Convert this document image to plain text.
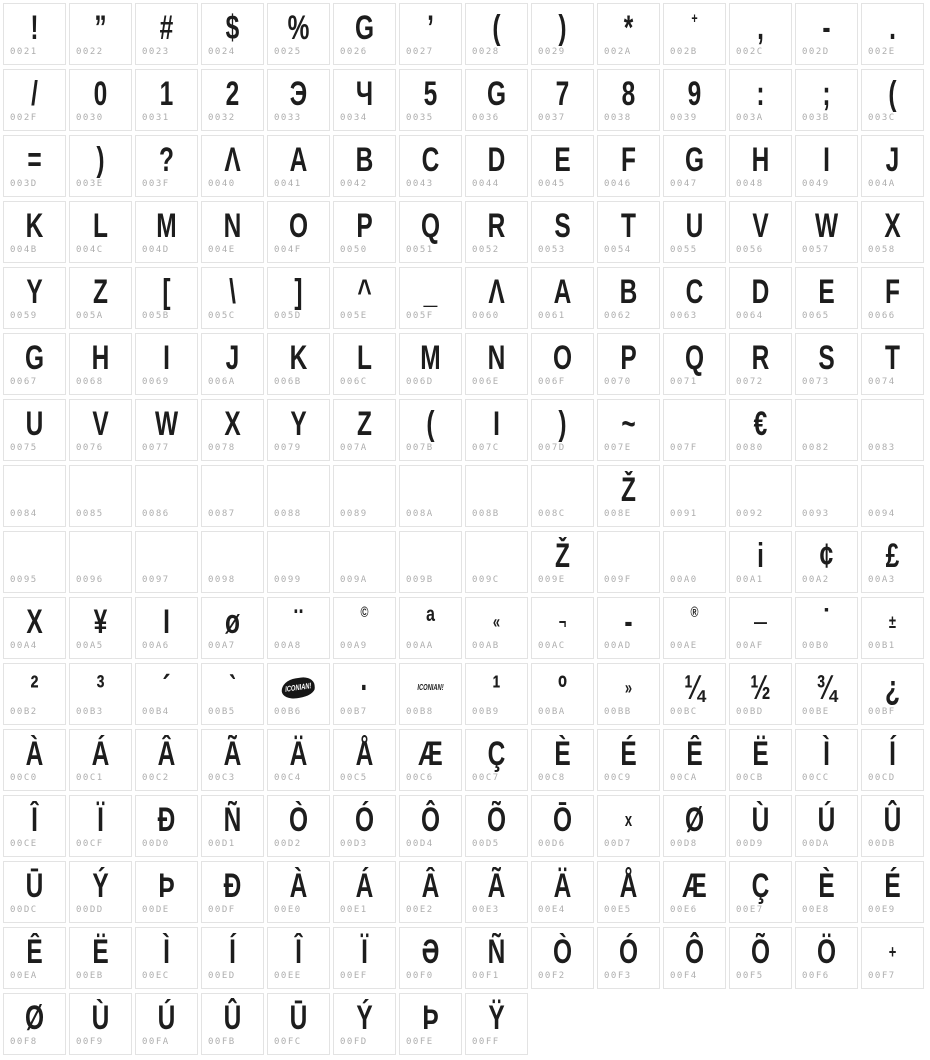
!
0021
”
0022
#
0023
$
0024
%
0025
G
0026
’
0027
(
0028
)
0029
*
002A
+
002B
,
002C
-
002D
.
002E
/
002F
0
0030
1
0031
2
0032
Э
0033
Ч
0034
5
0035
G
0036
7
0037
8
0038
9
0039
:
003A
;
003B
(
003C
=
003D
)
003E
?
003F
Λ
0040
A
0041
B
0042
C
0043
D
0044
E
0045
F
0046
G
0047
H
0048
I
0049
J
004A
K
004B
L
004C
M
004D
N
004E
O
004F
P
0050
Q
0051
R
0052
S
0053
T
0054
U
0055
V
0056
W
0057
X
0058
Y
0059
Z
005A
[
005B
\
005C
]
005D
^
005E
_
005F
Λ
0060
A
0061
B
0062
C
0063
D
0064
E
0065
F
0066
G
0067
H
0068
I
0069
J
006A
K
006B
L
006C
M
006D
N
006E
O
006F
P
0070
Q
0071
R
0072
S
0073
T
0074
U
0075
V
0076
W
0077
X
0078
Y
0079
Z
007A
(
007B
I
007C
)
007D
~
007E	007F
€
0080	0082	0083
0084	0085	0086	0087	0088	0089	008A	008B	008C
Ž
008E	0091	0092	0093	0094
0095	0096	0097	0098	0099	009A	009B	009C
Ž
009E	009F	00A0
i
00A1
¢
00A2
£
00A3
X
00A4
¥
00A5
I
00A6
ø
00A7
¨
00A8
©
00A9
ª
00AA
«
00AB
¬
00AC
-
00AD
®
00AE
—
00AF
˙
00B0
±
00B1
²
00B2
³
00B3
´
00B4
ˋ
00B5
ICONIAN!
00B6
·
00B7
ICONIAN!
00B8
¹
00B9
º
00BA
»
00BB
¼
00BC
½
00BD
¾
00BE
¿
00BF
À
00C0
Á
00C1
Â
00C2
Ã
00C3
Ä
00C4
Å
00C5
Æ
00C6
Ç
00C7
È
00C8
É
00C9
Ê
00CA
Ë
00CB
Ì
00CC
Í
00CD
Î
00CE
Ï
00CF
Ð
00D0
Ñ
00D1
Ò
00D2
Ó
00D3
Ô
00D4
Õ
00D5
Ō
00D6
x
00D7
Ø
00D8
Ù
00D9
Ú
00DA
Û
00DB
Ū
00DC
Ý
00DD
Þ
00DE
Ð
00DF
À
00E0
Á
00E1
Â
00E2
Ã
00E3
Ä
00E4
Å
00E5
Æ
00E6
Ç
00E7
È
00E8
É
00E9
Ê
00EA
Ë
00EB
Ì
00EC
Í
00ED
Î
00EE
Ï
00EF
Ə
00F0
Ñ
00F1
Ò
00F2
Ó
00F3
Ô
00F4
Õ
00F5
Ö
00F6
+
00F7
Ø
00F8
Ù
00F9
Ú
00FA
Û
00FB
Ū
00FC
Ý
00FD
Þ
00FE
Ÿ
00FF
